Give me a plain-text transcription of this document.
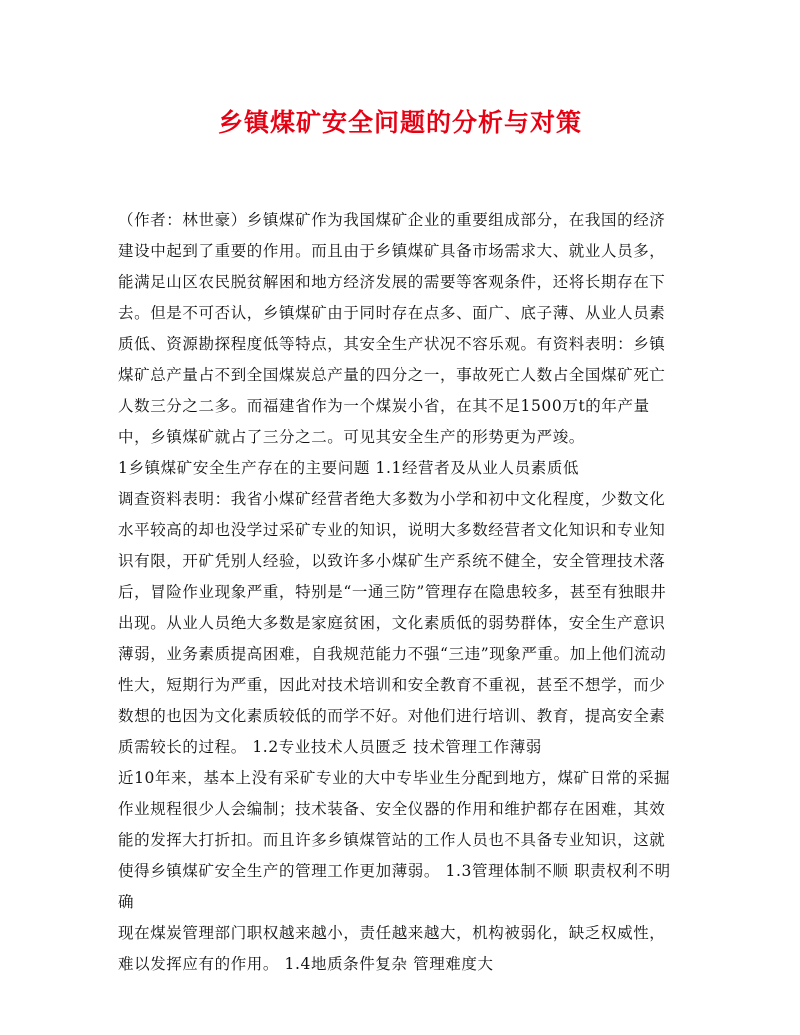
乡镇煤矿安全问题的分析与对策

（作者：林世豪）乡镇煤矿作为我国煤矿企业的重要组成部分，在我国的经济建设中起到了重要的作用。而且由于乡镇煤矿具备市场需求大、就业人员多，能满足山区农民脱贫解困和地方经济发展的需要等客观条件，还将长期存在下去。但是不可否认，乡镇煤矿由于同时存在点多、面广、底子薄、从业人员素质低、资源勘探程度低等特点，其安全生产状况不容乐观。有资料表明：乡镇煤矿总产量占不到全国煤炭总产量的四分之一，事故死亡人数占全国煤矿死亡人数三分之二多。而福建省作为一个煤炭小省，在其不足1500万t的年产量中，乡镇煤矿就占了三分之二。可见其安全生产的形势更为严竣。

1乡镇煤矿安全生产存在的主要问题 1.1经营者及从业人员素质低

调查资料表明：我省小煤矿经营者绝大多数为小学和初中文化程度，少数文化水平较高的却也没学过采矿专业的知识，说明大多数经营者文化知识和专业知识有限，开矿凭别人经验，以致许多小煤矿生产系统不健全，安全管理技术落后，冒险作业现象严重，特别是“一通三防”管理存在隐患较多，甚至有独眼井出现。从业人员绝大多数是家庭贫困，文化素质低的弱势群体，安全生产意识薄弱，业务素质提高困难，自我规范能力不强“三违”现象严重。加上他们流动性大，短期行为严重，因此对技术培训和安全教育不重视，甚至不想学，而少数想的也因为文化素质较低的而学不好。对他们进行培训、教育，提高安全素质需较长的过程。 1.2专业技术人员匮乏 技术管理工作薄弱

近10年来，基本上没有采矿专业的大中专毕业生分配到地方，煤矿日常的采掘作业规程很少人会编制；技术装备、安全仪器的作用和维护都存在困难，其效能的发挥大打折扣。而且许多乡镇煤管站的工作人员也不具备专业知识，这就使得乡镇煤矿安全生产的管理工作更加薄弱。 1.3管理体制不顺 职责权利不明确

现在煤炭管理部门职权越来越小，责任越来越大，机构被弱化，缺乏权威性，难以发挥应有的作用。 1.4地质条件复杂 管理难度大
